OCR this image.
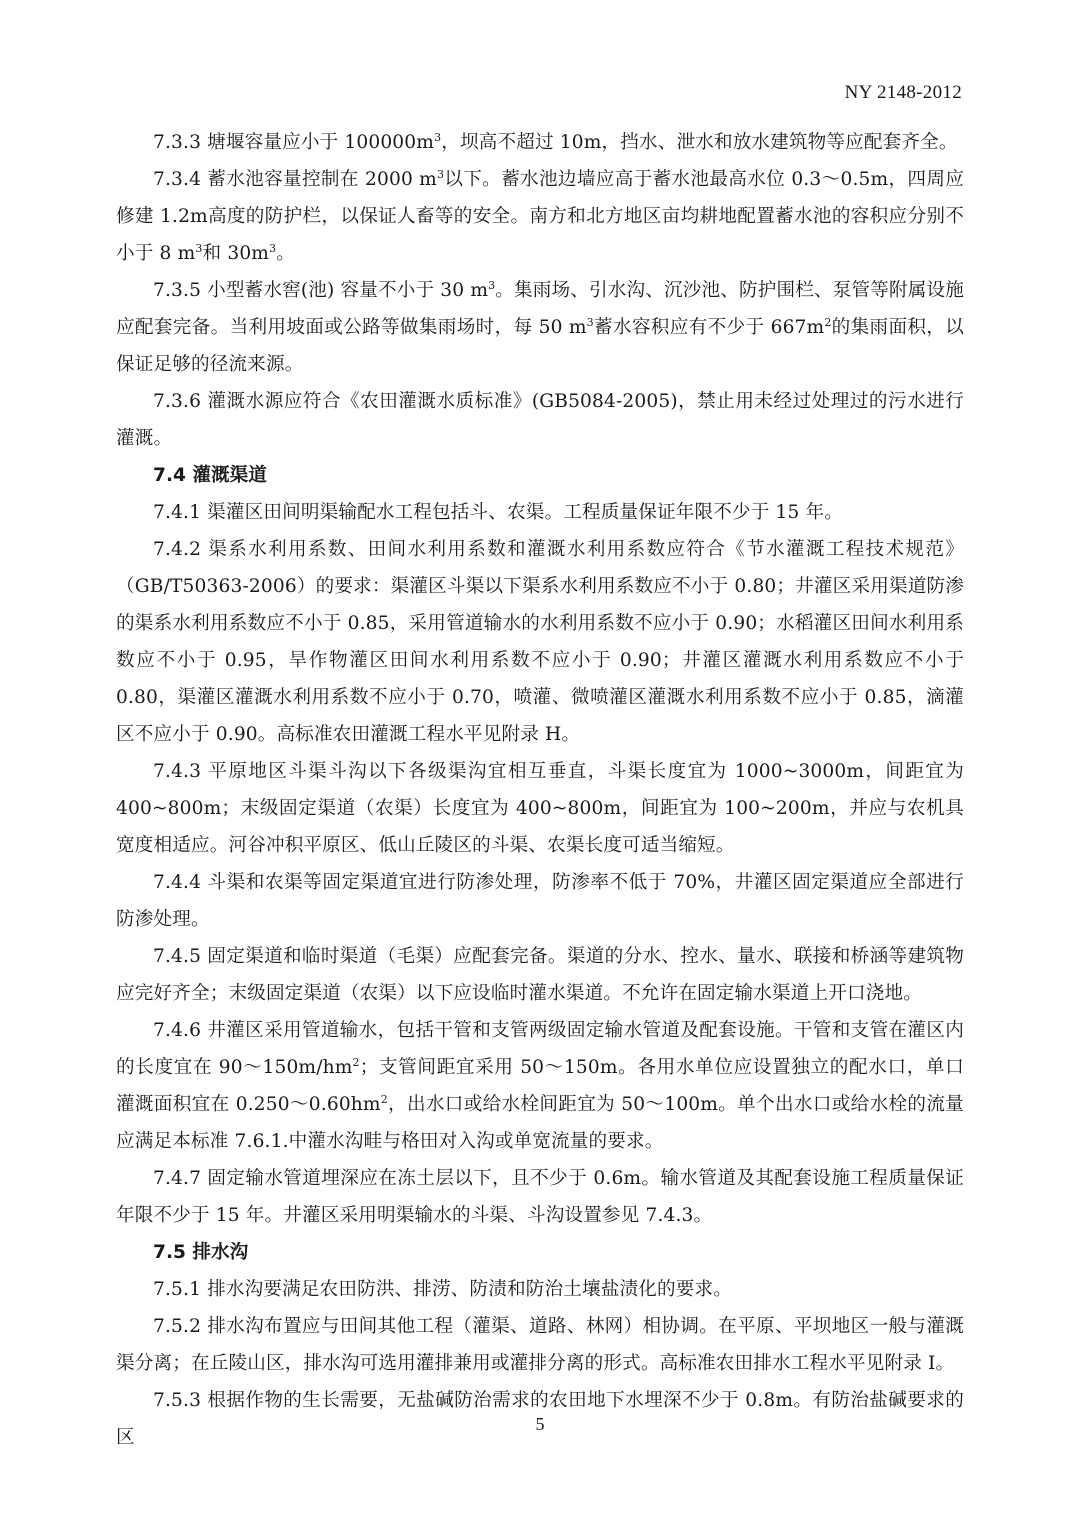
NY 2148-2012

7.3.3 塘堰容量应小于 $100000m^3$，坝高不超过 10m，挡水、泄水和放水建筑物等应配套齐全。

7.3.4 蓄水池容量控制在 2000 $m^3$以下。蓄水池边墙应高于蓄水池最高水位 0.3～0.5m，四周应修建 1.2m高度的防护栏，以保证人畜等的安全。南方和北方地区亩均耕地配置蓄水池的容积应分别不小于 8 $m^3$和 $30m^3$。

7.3.5 小型蓄水窖(池) 容量不小于 30 $m^3$。集雨场、引水沟、沉沙池、防护围栏、泵管等附属设施应配套完备。当利用坡面或公路等做集雨场时，每 50 $m^3$蓄水容积应有不少于 $667m^2$的集雨面积，以保证足够的径流来源。

7.3.6 灌溉水源应符合《农田灌溉水质标准》(GB5084-2005)，禁止用未经过处理过的污水进行灌溉。

7.4 灌溉渠道

7.4.1 渠灌区田间明渠输配水工程包括斗、农渠。工程质量保证年限不少于 15 年。

7.4.2 渠系水利用系数、田间水利用系数和灌溉水利用系数应符合《节水灌溉工程技术规范》（GB/T50363-2006）的要求：渠灌区斗渠以下渠系水利用系数应不小于 0.80；井灌区采用渠道防渗的渠系水利用系数应不小于 0.85，采用管道输水的水利用系数不应小于 0.90；水稻灌区田间水利用系数应不小于 0.95，旱作物灌区田间水利用系数不应小于 0.90；井灌区灌溉水利用系数应不小于 0.80，渠灌区灌溉水利用系数不应小于 0.70，喷灌、微喷灌区灌溉水利用系数不应小于 0.85，滴灌区不应小于 0.90。高标准农田灌溉工程水平见附录 H。

7.4.3 平原地区斗渠斗沟以下各级渠沟宜相互垂直，斗渠长度宜为 1000~3000m，间距宜为 400~800m；末级固定渠道（农渠）长度宜为 400~800m，间距宜为 100~200m，并应与农机具宽度相适应。河谷冲积平原区、低山丘陵区的斗渠、农渠长度可适当缩短。

7.4.4 斗渠和农渠等固定渠道宜进行防渗处理，防渗率不低于 70%，井灌区固定渠道应全部进行防渗处理。

7.4.5 固定渠道和临时渠道（毛渠）应配套完备。渠道的分水、控水、量水、联接和桥涵等建筑物应完好齐全；末级固定渠道（农渠）以下应设临时灌水渠道。不允许在固定输水渠道上开口浇地。

7.4.6 井灌区采用管道输水，包括干管和支管两级固定输水管道及配套设施。干管和支管在灌区内的长度宜在 $90\sim 150m/hm^2$；支管间距宜采用 50～150m。各用水单位应设置独立的配水口，单口灌溉面积宜在 $0.250\sim 0.60hm^2$，出水口或给水栓间距宜为 50～100m。单个出水口或给水栓的流量应满足本标准 7.6.1.中灌水沟畦与格田对入沟或单宽流量的要求。

7.4.7 固定输水管道埋深应在冻土层以下，且不少于 0.6m。输水管道及其配套设施工程质量保证年限不少于 15 年。井灌区采用明渠输水的斗渠、斗沟设置参见 7.4.3。

7.5 排水沟

7.5.1 排水沟要满足农田防洪、排涝、防渍和防治土壤盐渍化的要求。

7.5.2 排水沟布置应与田间其他工程（灌渠、道路、林网）相协调。在平原、平坝地区一般与灌溉渠分离；在丘陵山区，排水沟可选用灌排兼用或灌排分离的形式。高标准农田排水工程水平见附录 I。

7.5.3 根据作物的生长需要，无盐碱防治需求的农田地下水埋深不少于 0.8m。有防治盐碱要求的区

5
